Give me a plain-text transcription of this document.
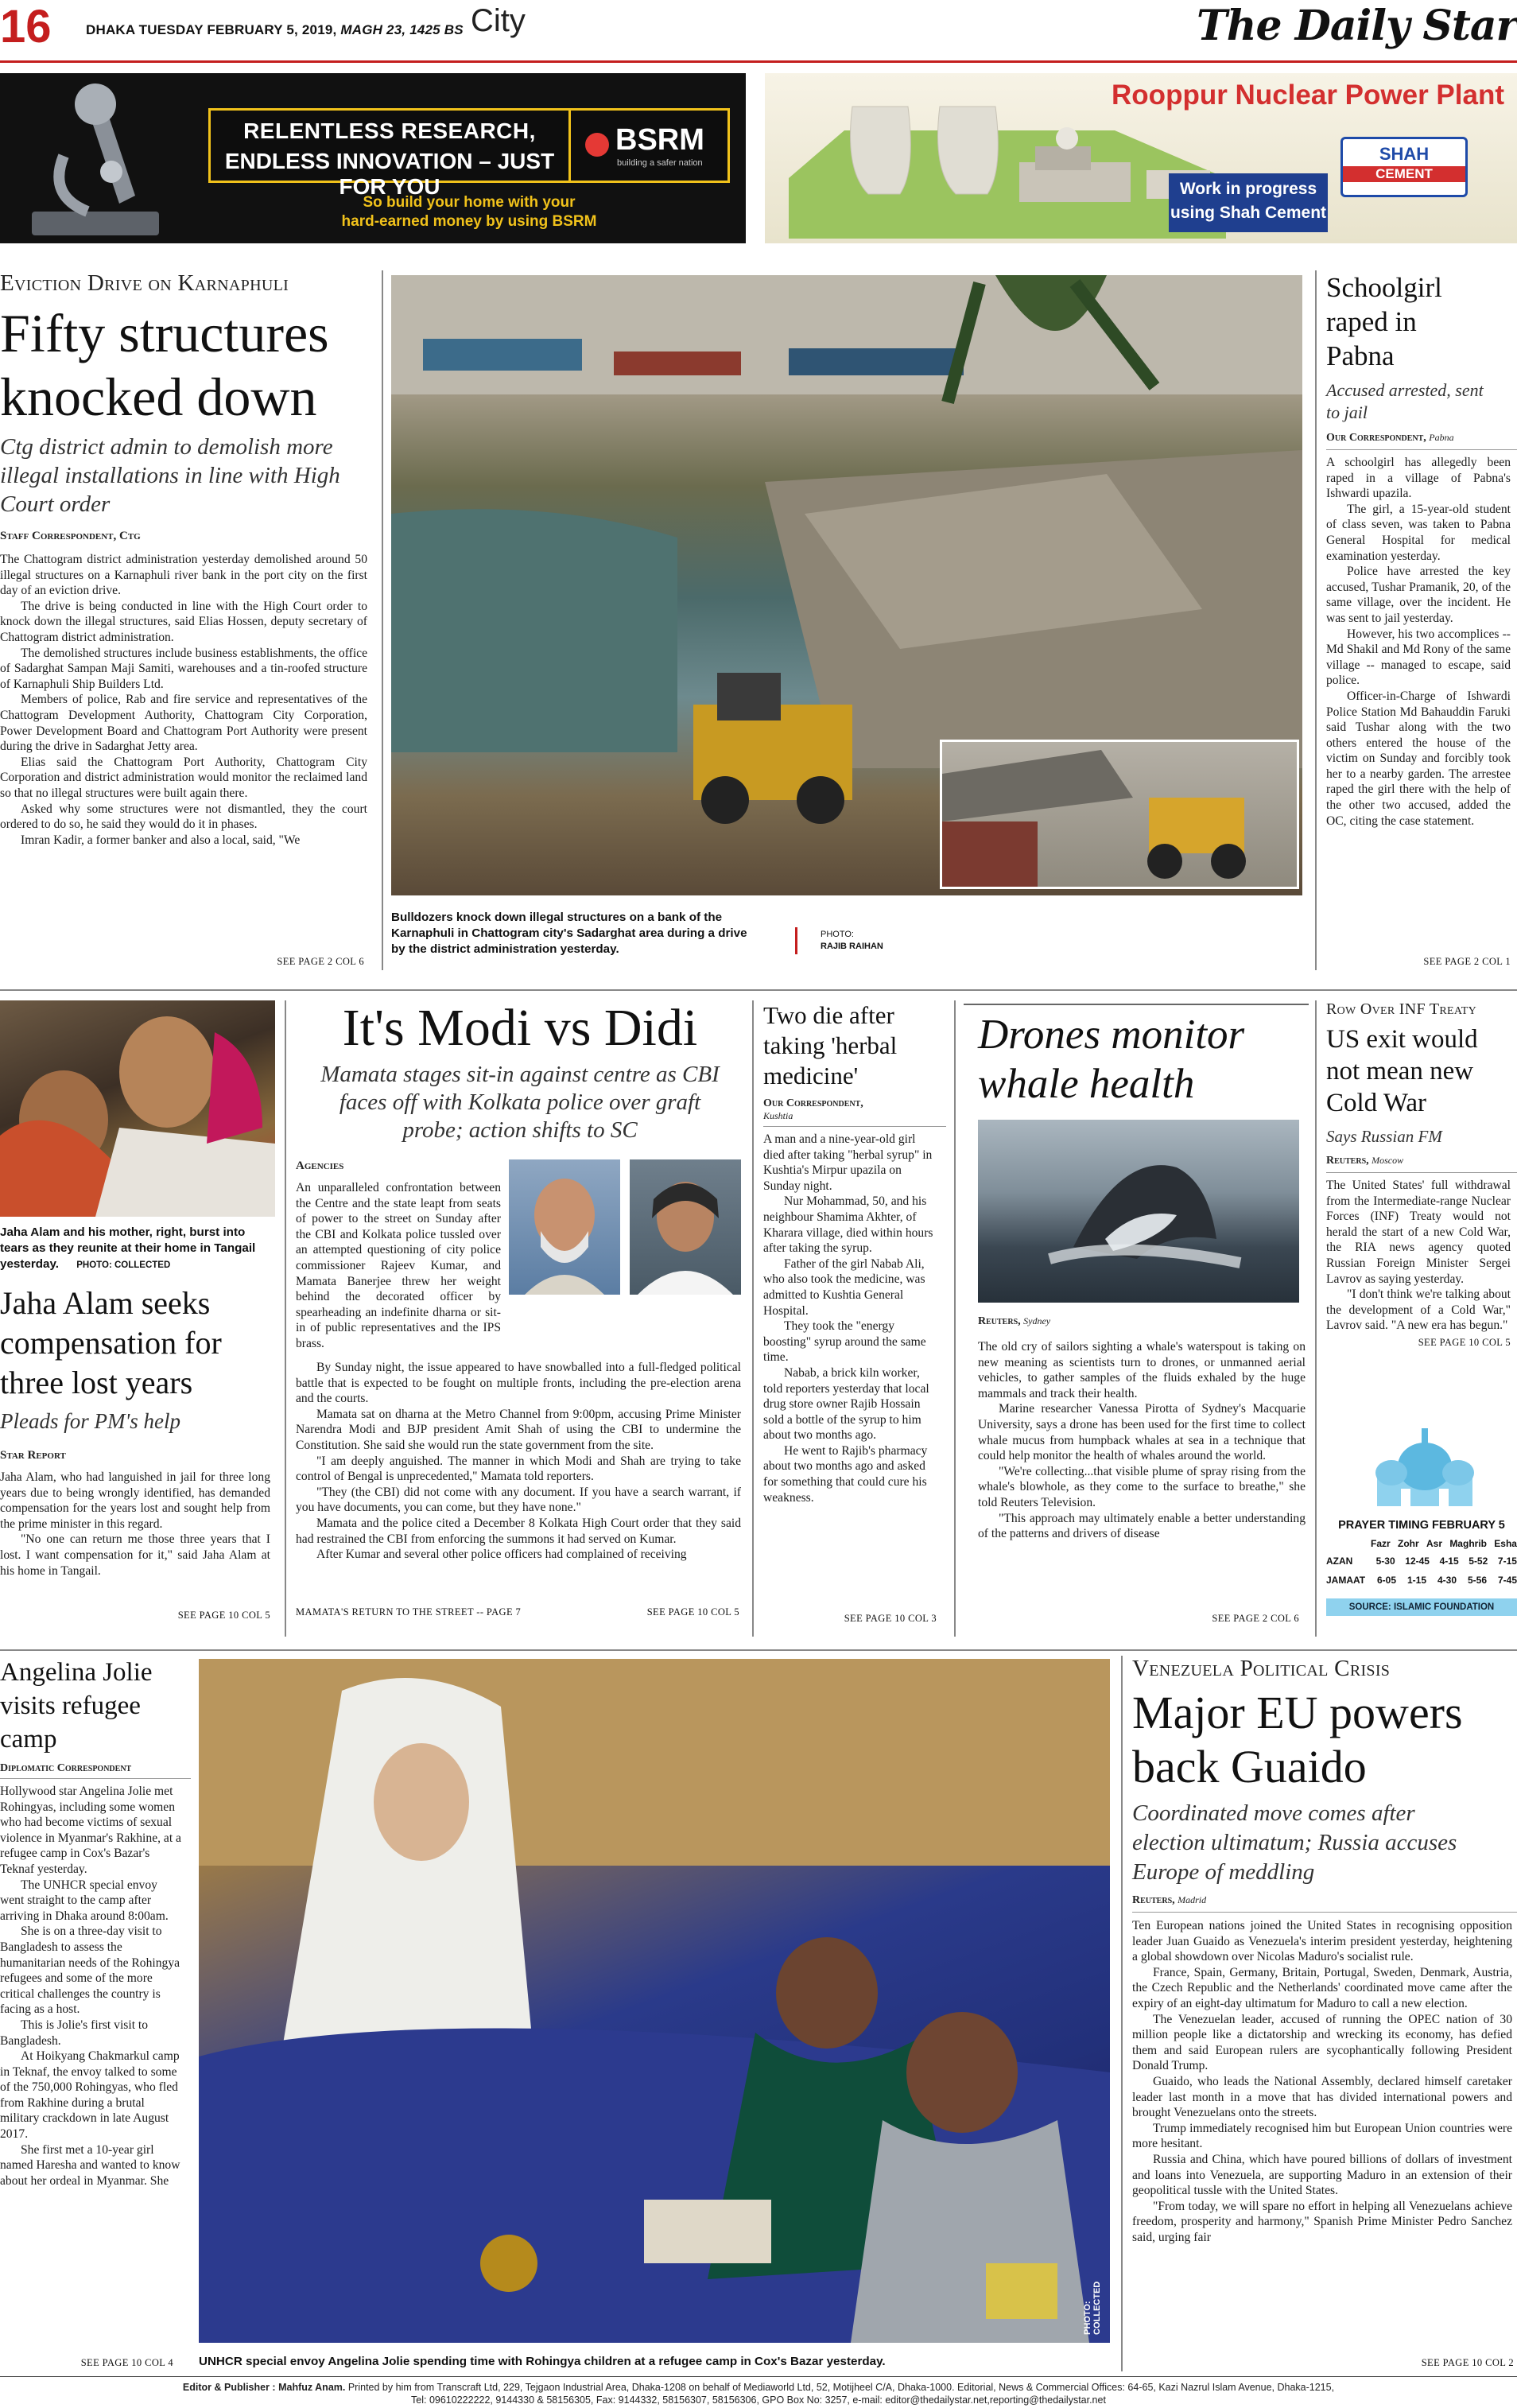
16	DHAKA TUESDAY FEBRUARY 5, 2019, MAGH 23, 1425 BS City	The Daily Star
RELENTLESS RESEARCH,
ENDLESS INNOVATION – JUST FOR YOU
BSRM
building a safer nation
So build your home with your
hard-earned money by using BSRM
Rooppur Nuclear Power Plant
SHAH
CEMENT
Work in progress
using Shah Cement
Eviction Drive on Karnaphuli
Fifty structures
knocked down
Ctg district admin to demolish more illegal installations in line with High Court order
Staff Correspondent, Ctg

The Chattogram district administration yesterday demolished around 50 illegal structures on a Karnaphuli river bank in the port city on the first day of an eviction drive.

The drive is being conducted in line with the High Court order to knock down the illegal structures, said Elias Hossen, deputy secretary of Chattogram district administration.

The demolished structures include business establishments, the office of Sadarghat Sampan Maji Samiti, warehouses and a tin-roofed structure of Karnaphuli Ship Builders Ltd.

Members of police, Rab and fire service and representatives of the Chattogram Development Authority, Chattogram City Corporation, Power Development Board and Chattogram Port Authority were present during the drive in Sadarghat Jetty area.

Elias said the Chattogram Port Authority, Chattogram City Corporation and district administration would monitor the reclaimed land so that no illegal structures were built again there.

Asked why some structures were not dismantled, they the court ordered to do so, he said they would do it in phases.

Imran Kadir, a former banker and also a local, said, "We

SEE PAGE 2 COL 6
Bulldozers knock down illegal structures on a bank of the Karnaphuli in Chattogram city's Sadarghat area during a drive by the district administration yesterday.
PHOTO:
RAJIB RAIHAN
Schoolgirl raped in Pabna
Accused arrested, sent to jail
Our Correspondent, Pabna

A schoolgirl has allegedly been raped in a village of Pabna's Ishwardi upazila.

The girl, a 15-year-old student of class seven, was taken to Pabna General Hospital for medical examination yesterday.

Police have arrested the key accused, Tushar Pramanik, 20, of the same village, over the incident. He was sent to jail yesterday.

However, his two accomplices -- Md Shakil and Md Rony of the same village -- managed to escape, said police.

Officer-in-Charge of Ishwardi Police Station Md Bahauddin Faruki said Tushar along with the two others entered the house of the victim on Sunday and forcibly took her to a nearby garden. The arrestee raped the girl there with the help of the other two accused, added the OC, citing the case statement.

SEE PAGE 2 COL 1
Jaha Alam and his mother, right, burst into tears as they reunite at their home in Tangail yesterday. PHOTO: COLLECTED
Jaha Alam seeks compensation for three lost years
Pleads for PM's help
Star Report

Jaha Alam, who had languished in jail for three long years due to being wrongly identified, has demanded compensation for the years lost and sought help from the prime minister in this regard.

"No one can return me those three years that I lost. I want compensation for it," said Jaha Alam at his home in Tangail.

SEE PAGE 10 COL 5
It's Modi vs Didi
Mamata stages sit-in against centre as CBI faces off with Kolkata police over graft probe; action shifts to SC
Agencies

An unparalleled confrontation between the Centre and the state leapt from seats of power to the street on Sunday after the CBI and Kolkata police tussled over an attempted questioning of city police commissioner Rajeev Kumar, and Mamata Banerjee threw her weight behind the decorated officer by spearheading an indefinite dharna or sit-in of public representatives and the IPS brass.

By Sunday night, the issue appeared to have snowballed into a full-fledged political battle that is expected to be fought on multiple fronts, including the pre-election arena and the courts.

Mamata sat on dharna at the Metro Channel from 9:00pm, accusing Prime Minister Narendra Modi and BJP president Amit Shah of using the CBI to undermine the Constitution. She said she would run the state government from the site.

"I am deeply anguished. The manner in which Modi and Shah are trying to take control of Bengal is unprecedented," Mamata told reporters.

"They (the CBI) did not come with any document. If you have a search warrant, if you have documents, you can come, but they have none."

Mamata and the police cited a December 8 Kolkata High Court order that they said had restrained the CBI from enforcing the summons it had served on Kumar.

After Kumar and several other police officers had complained of receiving

MAMATA'S RETURN TO THE STREET -- PAGE 7	SEE PAGE 10 COL 5
Two die after taking 'herbal medicine'
Our Correspondent,
Kushtia

A man and a nine-year-old girl died after taking "herbal syrup" in Kushtia's Mirpur upazila on Sunday night.

Nur Mohammad, 50, and his neighbour Shamima Akhter, of Kharara village, died within hours after taking the syrup.

Father of the girl Nabab Ali, who also took the medicine, was admitted to Kushtia General Hospital.

They took the "energy boosting" syrup around the same time.

Nabab, a brick kiln worker, told reporters yesterday that local drug store owner Rajib Hossain sold a bottle of the syrup to him about two months ago.

He went to Rajib's pharmacy about two months ago and asked for something that could cure his weakness.

SEE PAGE 10 COL 3
Drones monitor
whale health
Reuters, Sydney

The old cry of sailors sighting a whale's waterspout is taking on new meaning as scientists turn to drones, or unmanned aerial vehicles, to gather samples of the fluids exhaled by the huge mammals and track their health.

Marine researcher Vanessa Pirotta of Sydney's Macquarie University, says a drone has been used for the first time to collect whale mucus from humpback whales at sea in a technique that could help monitor the health of whales around the world.

"We're collecting...that visible plume of spray rising from the whale's blowhole, as they come to the surface to breathe," she told Reuters Television.

"This approach may ultimately enable a better understanding of the patterns and drivers of disease

SEE PAGE 2 COL 6
Row Over INF Treaty
US exit would not mean new Cold War
Says Russian FM
Reuters, Moscow

The United States' full withdrawal from the Intermediate-range Nuclear Forces (INF) Treaty would not herald the start of a new Cold War, the RIA news agency quoted Russian Foreign Minister Sergei Lavrov as saying yesterday.

"I don't think we're talking about the development of a Cold War," Lavrov said. "A new era has begun."

SEE PAGE 10 COL 5
PRAYER TIMING FEBRUARY 5
Fazr Zohr Asr Maghrib Esha
AZAN	5-30 12-45 4-15 5-52 7-15
JAMAAT 6-05 1-15 4-30 5-56 7-45
SOURCE: ISLAMIC FOUNDATION
Angelina Jolie visits refugee camp
Diplomatic Correspondent

Hollywood star Angelina Jolie met Rohingyas, including some women who had become victims of sexual violence in Myanmar's Rakhine, at a refugee camp in Cox's Bazar's Teknaf yesterday.

The UNHCR special envoy went straight to the camp after arriving in Dhaka around 8:00am.

She is on a three-day visit to Bangladesh to assess the humanitarian needs of the Rohingya refugees and some of the more critical challenges the country is facing as a host.

This is Jolie's first visit to Bangladesh.

At Hoikyang Chakmarkul camp in Teknaf, the envoy talked to some of the 750,000 Rohingyas, who fled from Rakhine during a brutal military crackdown in late August 2017.

She first met a 10-year girl named Haresha and wanted to know about her ordeal in Myanmar. She

SEE PAGE 10 COL 4
PHOTO: COLLECTED
UNHCR special envoy Angelina Jolie spending time with Rohingya children at a refugee camp in Cox's Bazar yesterday.
Venezuela Political Crisis
Major EU powers
back Guaido
Coordinated move comes after election ultimatum; Russia accuses Europe of meddling
Reuters, Madrid

Ten European nations joined the United States in recognising opposition leader Juan Guaido as Venezuela's interim president yesterday, heightening a global showdown over Nicolas Maduro's socialist rule.

France, Spain, Germany, Britain, Portugal, Sweden, Denmark, Austria, the Czech Republic and the Netherlands' coordinated move came after the expiry of an eight-day ultimatum for Maduro to call a new election.

The Venezuelan leader, accused of running the OPEC nation of 30 million people like a dictatorship and wrecking its economy, has defied them and said European rulers are sycophantically following President Donald Trump.

Guaido, who leads the National Assembly, declared himself caretaker leader last month in a move that has divided international powers and brought Venezuelans onto the streets.

Trump immediately recognised him but European Union countries were more hesitant.

Russia and China, which have poured billions of dollars of investment and loans into Venezuela, are supporting Maduro in an extension of their geopolitical tussle with the United States.

"From today, we will spare no effort in helping all Venezuelans achieve freedom, prosperity and harmony," Spanish Prime Minister Pedro Sanchez said, urging fair

SEE PAGE 10 COL 2
Editor & Publisher : Mahfuz Anam. Printed by him from Transcraft Ltd, 229, Tejgaon Industrial Area, Dhaka-1208 on behalf of Mediaworld Ltd, 52, Motijheel C/A, Dhaka-1000. Editorial, News & Commercial Offices: 64-65, Kazi Nazrul Islam Avenue, Dhaka-1215,
Tel: 09610222222, 9144330 & 58156305, Fax: 9144332, 58156307, 58156306, GPO Box No: 3257, e-mail: editor@thedailystar.net,reporting@thedailystar.net
